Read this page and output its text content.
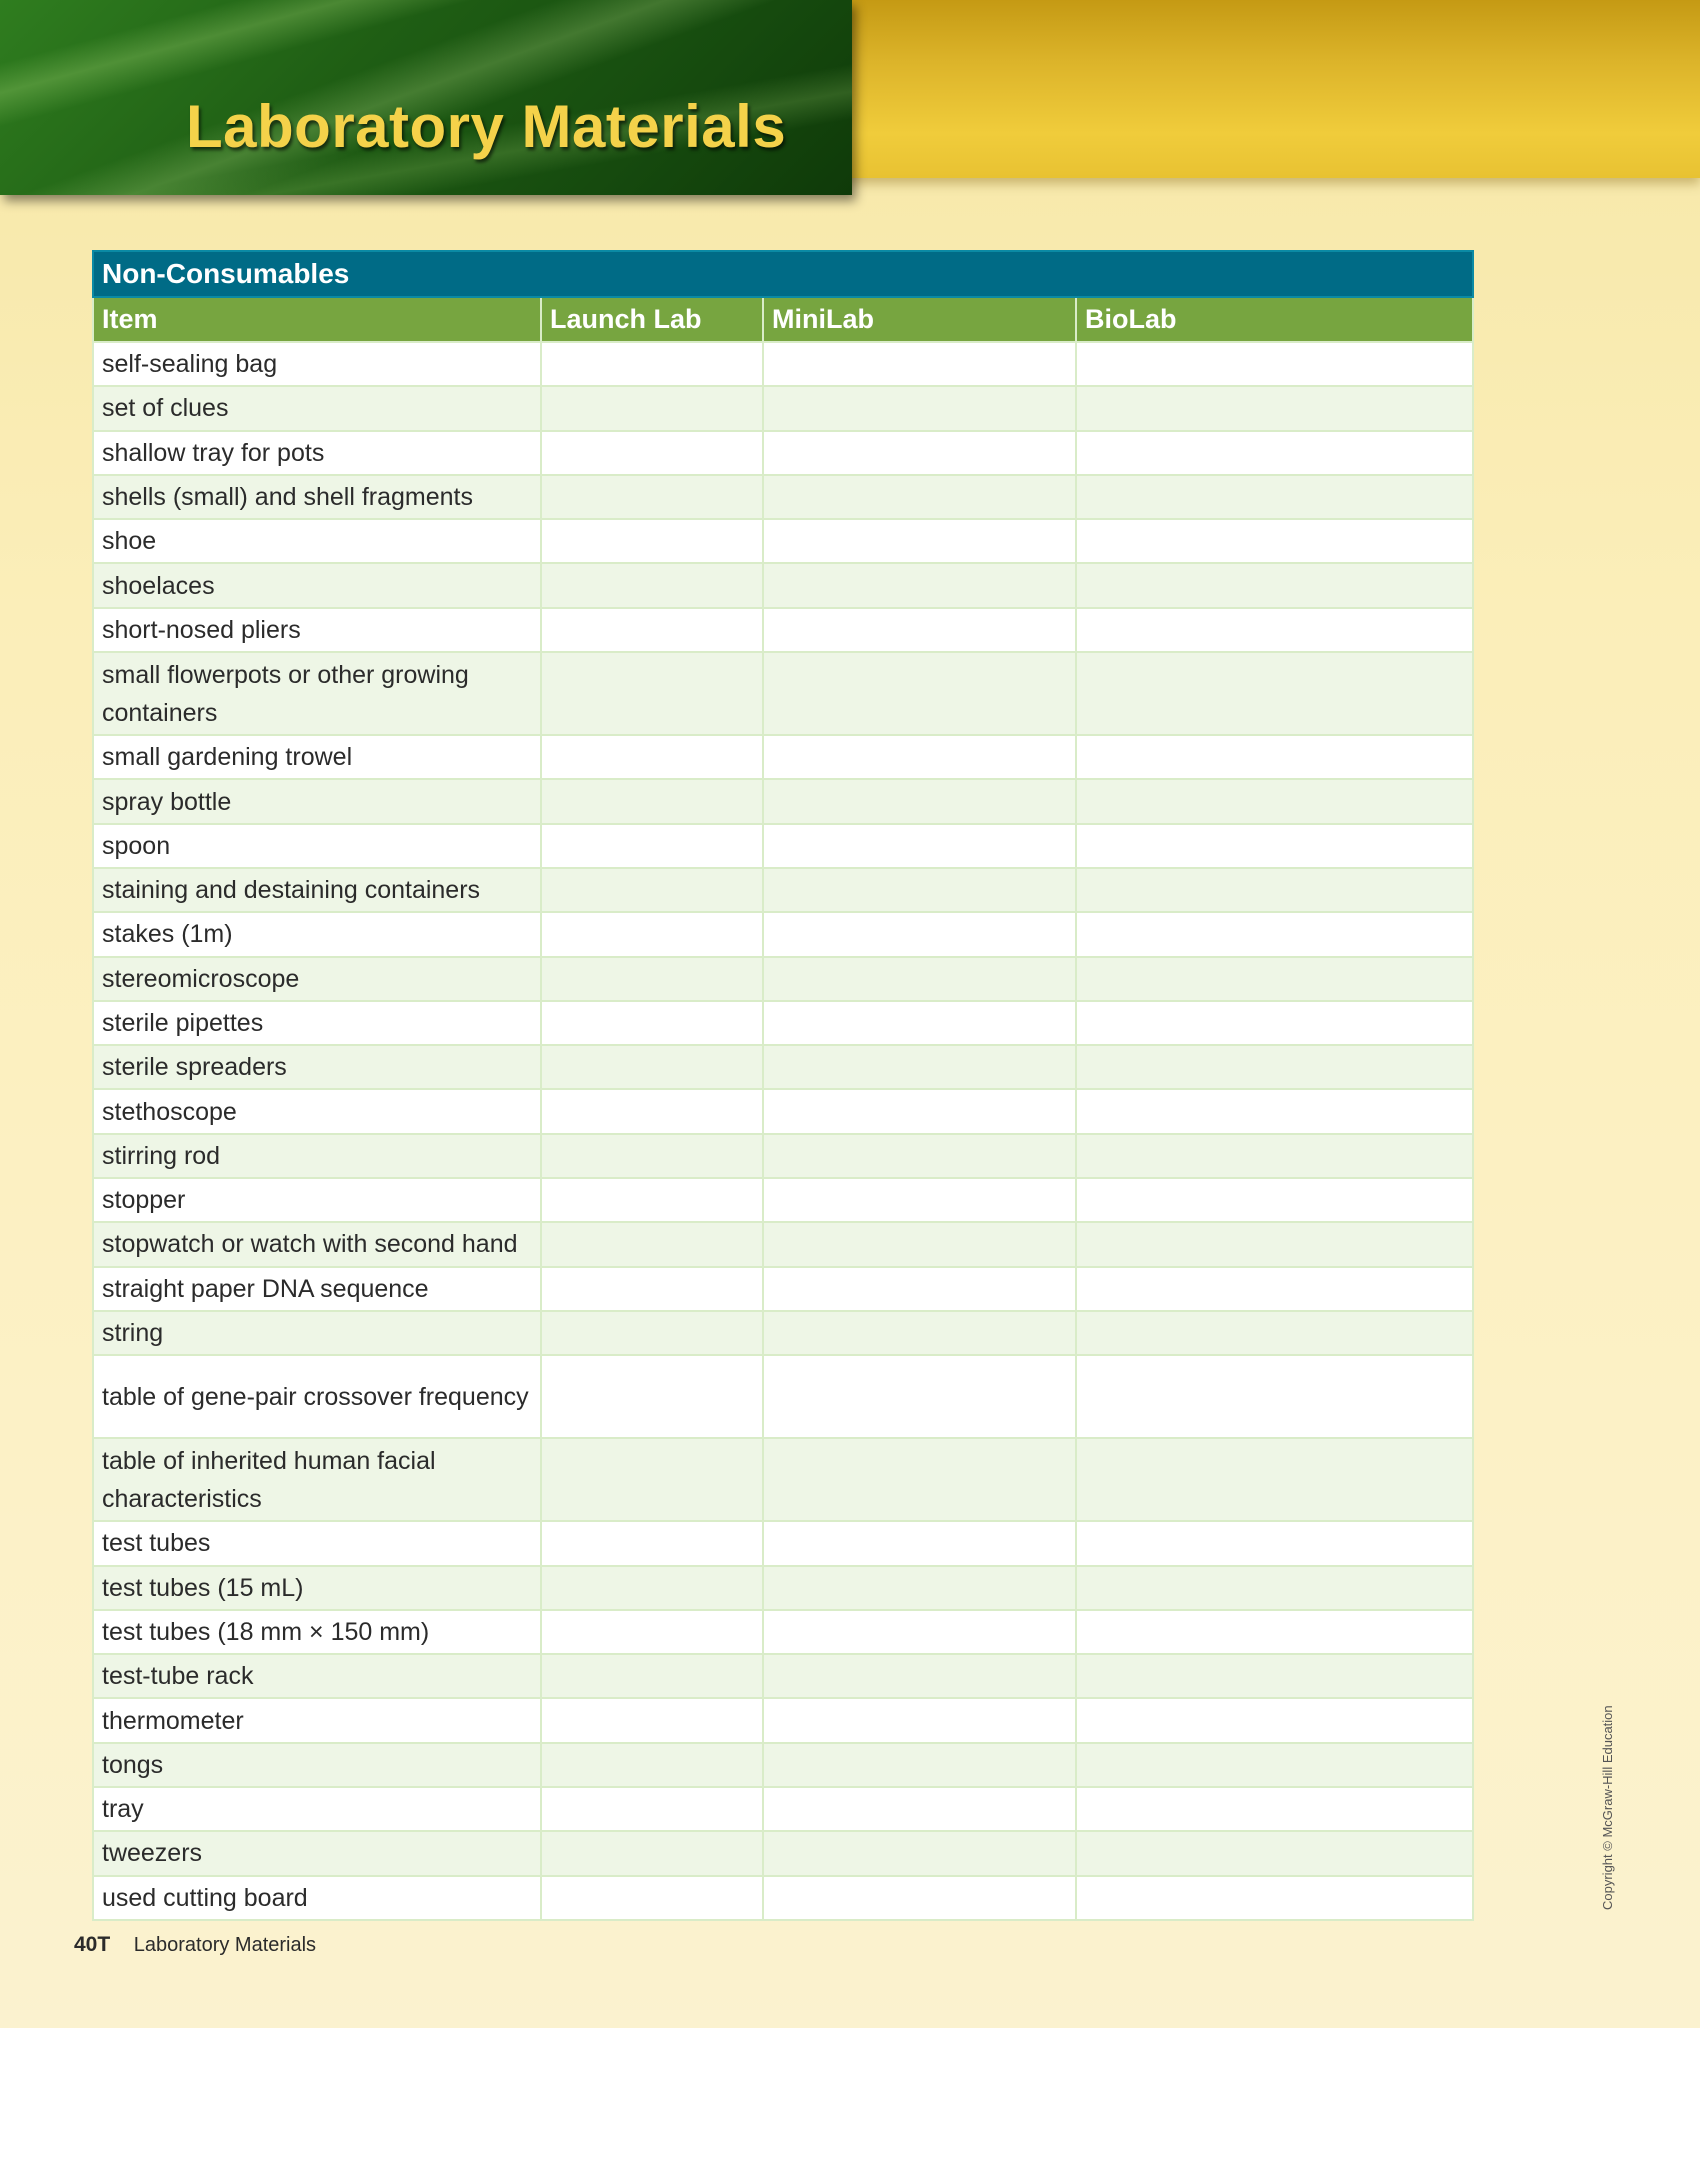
Laboratory Materials
Non-Consumables			
Item	Launch Lab	MiniLab	BioLab
self-sealing bag			
set of clues			
shallow tray for pots			
shells (small) and shell fragments			
shoe			
shoelaces			
short-nosed pliers			
small flowerpots or other growing containers			
small gardening trowel			
spray bottle			
spoon			
staining and destaining containers			
stakes (1m)			
stereomicroscope			
sterile pipettes			
sterile spreaders			
stethoscope			
stirring rod			
stopper			
stopwatch or watch with second hand			
straight paper DNA sequence			
string			
table of gene-pair crossover frequency			
table of inherited human facial characteristics			
test tubes			
test tubes (15 mL)			
test tubes (18 mm × 150 mm)			
test-tube rack			
thermometer			
tongs			
tray			
tweezers			
used cutting board			
40T Laboratory Materials
Copyright © McGraw-Hill Education
